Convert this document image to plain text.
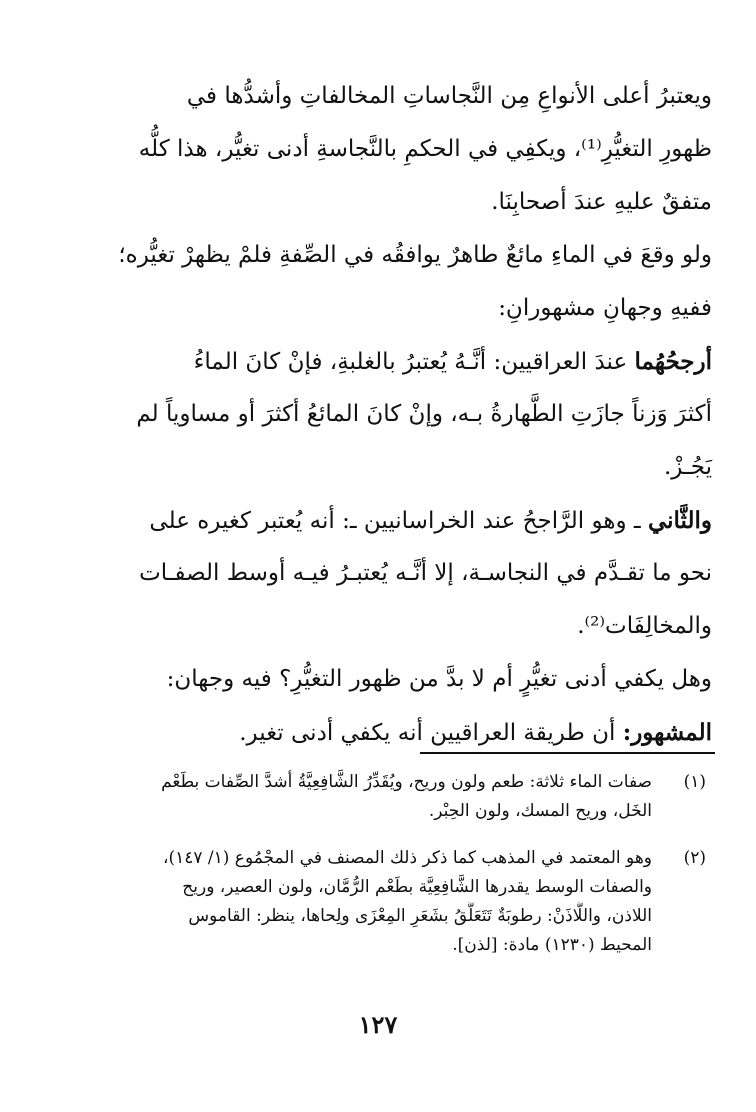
ويعتبرُ أعلى الأنواعِ مِن النَّجاساتِ المخالفاتِ وأشدُّها في
ظهورِ التغيُّرِ⁽¹⁾، ويكفِي في الحكمِ بالنَّجاسةِ أدنى تغيُّر، هذا كلُّه
متفقٌ عليهِ عندَ أصحابِنَا.
ولو وقعَ في الماءِ مائعٌ طاهرٌ يوافقُه في الصِّفةِ فلمْ يظهرْ تغيُّره؛
ففيهِ وجهانِ مشهورانِ:
أرجحُهُما عندَ العراقيين: أنَّـهُ يُعتبرُ بالغلبةِ، فإنْ كانَ الماءُ
أكثرَ وَزناً جازَتِ الطَّهارةُ بـه، وإنْ كانَ المائعُ أكثرَ أو مساوياً لم
يَجُـزْ.
والثَّاني ـ وهو الرَّاجحُ عند الخراسانيين ـ: أنه يُعتبر كغيره على
نحو ما تقـدَّم في النجاسـة، إلا أنَّـه يُعتبـرُ فيـه أوسط الصفـات
والمخالِفَات⁽²⁾.
وهل يكفي أدنى تغيُّرٍ أم لا بدَّ من ظهور التغيُّرِ؟ فيه وجهان:
المشهور: أن طريقة العراقيين أنه يكفي أدنى تغير.
(١)
صفات الماء ثلاثة: طعم ولون وريح، ويُقَدِّرُ الشَّافِعِيَّةُ أشدَّ الصِّفات بطَعْم
الخَل، وريح المسك، ولون الحِبْر.
(٢)
وهو المعتمد في المذهب كما ذكر ذلك المصنف في المجْمُوع (١/ ١٤٧)،
والصفات الوسط يقدرها الشَّافِعِيَّة بطَعْم الرُّمَّان، ولون العصير، وريح
اللاذن، واللَّاذَنْ: رطوبَةٌ تَتَعَلَّقُ بشَعَرِ المِعْزَى ولِحاها، ينظر: القاموس
المحيط (١٢٣٠) مادة: [لذن].
١٢٧
